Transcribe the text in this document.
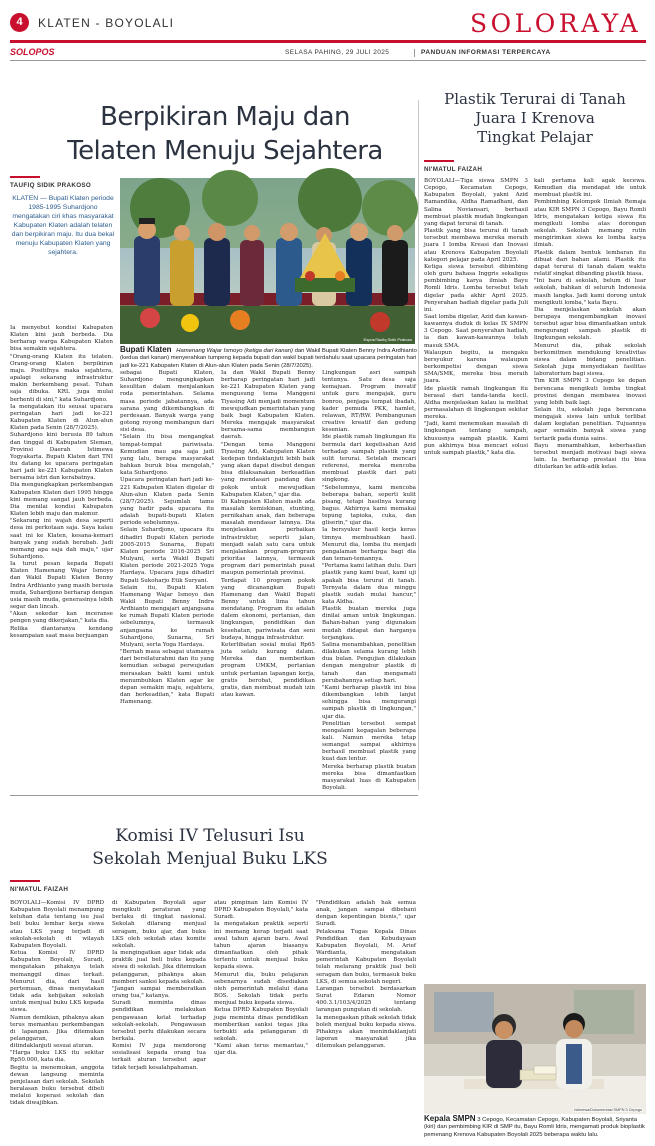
4	KLATEN - BOYOLALI	SOLORAYA
SOLOPOS	SELASA PAHING, 29 JULI 2025	PANDUAN INFORMASI TERPERCAYA
Berpikiran Maju dan
Telaten Menuju Sejahtera
TAUFIQ SIDIK PRAKOSO
KLATEN — Bupati Klaten periode 1985-1995 Suhardjono mengatakan ciri khas masyarakat Kabupaten Klaten adalah telaten dan berpikiran maju. Itu dua bekal menuju Kabupaten Klaten yang sejahtera.
Espos/Taufiq Sidik Prakoso
Bupati Klaten Hamenang Wajar Ismoyo (ketiga dari kanan) dan Wakil Bupati Klaten Benny Indra Ardhianto (kedua dari kanan) menyerahkan tumpeng kepada bupati dan wakil bupati terdahulu saat upacara peringatan hari jadi ke-221 Kabupaten Klaten di Alun-alun Klaten pada Senin (28/7/2025).
Ia menyebut kondisi Kabupaten Klaten kini jauh berbeda. Dia berharap warga Kabupaten Klaten bisa semakin sejahtera.
"Orang-orang Klaten itu telaten. Orang-orang Klaten berpikiran maju. Positifnya maka sejahtera, apalagi sekarang infrastruktur makin berkembang pesat. Tuhan saja dibuka. KRL juga mulai berhenti di sini," kata Suhardjono.
Ia mengatakan itu seusai upacara peringatan hari jadi ke-221 Kabupaten Klaten di Alun-alun Klaten pada Senin (28/7/2025).
Suhardjono kini berusia 89 tahun dan tinggal di Kabupaten Sleman, Provinsi Daerah Istimewa Yogyakarta. Bupati Klaten dari TNI itu datang ke upacara peringatan hari jadi ke-221 Kabupaten Klaten bersama istri dan kerabatnya.
Dia mengungkapkan perkembangan Kabupaten Klaten dari 1995 hingga kini memang sangat jauh berbeda. Dia menilai kondisi Kabupaten Klaten lebih maju dan makmur.
"Sekarang ini wajah desa seperti desa ini perkotaan saja. Saya kalau saat ini ke Klaten, kesana-kemari banyak yang sudah berubah. Jadi memang apa saja dah maju," ujar Suhardjono.
Ia turut pesan kepada Bupati Klaten Hamenang Wajar Ismoyo dan Wakil Bupati Klaten Benny Indra Ardhianto yang masih berusia muda, Suhardjono berharap dengan usia masih muda, generasinya lebih segar dan lincah.
"Akan sekedar kan inceranse pengen yang dikerjakan," kata dia.
Relika diantaranya kendang kesampaian saat masa berjuangan
sebagai Bupati Klaten, Suhardjono mengungkapkan kesulitan dalam menjalankan roda pemerintahan. Selama masa periode jabatannya, ada sarana yang dikembangkan di perdesaan. Banyak warga yang gotong royong membangun dari sisi desa.
"Selain itu bisa mengangkat tempat-tempat pariwisata. Kemudian mau apa saja jadi yang lalu, berapa masyarakat bahkan buruk bisa mengolah," kata Suhardjono.
Upacara peringatan hari jadi ke-221 Kabupaten Klaten digelar di Alun-alun Klaten pada Senin (28/7/2025). Sejumlah tamu yang hadir pada upacara itu adalah bupati-bupati Klaten periode sebelumnya.
Selain Suhardjono, upacara itu dihadiri Bupati Klaten periode 2005-2015 Sunarna, Bupati Klaten periode 2016-2025 Sri Mulyani, serta Wakil Bupati Klaten periode 2021-2025 Yoga Hardaya. Upacara juga dihadiri Bupati Sukoharjo Etik Suryani.
Selain itu, Bupati Klaten Hamenang Wajar Ismoyo dan Wakil Bupati Benny Indra Ardhianto mengajari anjangsana ke rumah Bupati Klaten periode sebelumnya, termasuk anjangsana ke rumah Suhardjono, Sunarna, Sri Mulyani, serta Yoga Hardaya.
"Bernah masa sebagai utamanya dari bersilaturahmi dan itu yang kemudian sebagai perwujudan merasakan bakti kami untuk menumbuhkan Klaten agar ke depan semakin maju, sejahtera, dan berkeadilan," kata Bupati Hamenang.
Ia dan Wakil Bupati Benny berharap peringatan hari jadi ke-221 Kabupaten Klaten yang mengusung tema Manggeni Tiyasing Adi menjadi momentum mewujudkan pemerintahan yang baik bagi Kabupaten Klaten. Mereka mengajak masyarakat bersama-sama membangun daerah.
"Dengan tema Manggeni Tiyasing Adi, Kabupaten Klaten kedepan tindaklanjuti lebih baik yang akan dapat disebut dengan bisa dilaksanakan berkeadilan yang mendasari pandang dan pokok untuk mewujudkan Kabupaten Klaten," ujar dia.
Di Kabupaten Klaten masih ada masalah kemiskinan, stunting, pernikahan anak, dan beberapa masalah mendasar lainnya. Dia menjelaskan perbaikan infrastruktur, seperti jalan, menjadi salah satu cara untuk menjalankan program-program prioritas lainnya, termasuk program dari pemerintah pusat maupun pemerintah provinsi.
Terdapat 10 program pokok yang dicanangkan Bupati Hamenang dan Wakil Bupati Benny untuk lima tahun mendatang. Program itu adalah dalem ekonomi, pertanian, dan lingkungan, pendidikan dan kesehatan, pariwisata dan seni budaya, hingga infrastruktur.
Keterlibatan sosial mulai Rp65 juta selalu kurang dalam. Mereka dan memberikan program UMKM, pertanian untuk pertanian lapangan kerja, gratis berobat, pendidikan gratis, dan membuat mudah izin atau kawan.
Plastik Terurai di Tanah
Juara I Krenova
Tingkat Pelajar
NI'MATUL FAIZAH
BOYOLALI—Tiga siswa SMPN 3 Cepogo, Kecamatan Cepogo, Kabupaten Boyolali, yakni Azid Ramandika, Aldha Ramadhani, dan Salina Noviansari, berhasil membuat plastik mudah lingkungan yang dapat terurai di tanah.
Plastik yang bisa terurai di tanah tersebut membawa mereka meraih juara I lomba Kreasi dan Inovasi atau Krenova Kabupaten Boyolali kategori pelajar pada April 2025.
Ketiga siswa tersebut dibimbing oleh guru bahasa Inggris sekaligus pembimbing karya ilmiah Bayu Romli Idris. Lomba tersebut telah digelar pada akhir April 2025. Penyerahan hadiah digelar pada Juli ini.
Saat lomba digelar, Azid dan kawan-kawannya duduk di kelas IX SMPN 3 Cepogo. Saat penyerahan hadiah, ia dan kawan-kawannya telah masuk SMA.
Walaupun begitu, ia mengaku bersyukur karena walaupun berkompetisi dengan siswa SMA/SMK, mereka bisa meraih juara.
Ide plastik ramah lingkungan itu berasal dari tanda-tanda kecil. Aldha menjelaskan kalau ia melihat permasalahan di lingkungan sekitar mereka.
"Jadi, kami menemukan masalah di lingkungan tentang sampah, khususnya sampah plastik. Kami pun akhirnya bisa mencari solusi untuk sampah plastik," kata dia.
Lingkungan asri sampah tentunya. Satu desa saja kemajuan. Program inovatif untuk guru mengajak, guru bonroo, penjaga tempat ibadah, kader pemuda PKK, hamlet, relawan, RT/RW. Pembangunan creative kreatif dan gedung kesenian.
Ide plastik ramah lingkungan itu bermula dari kegelisahan Azid terhadap sampah plastik yang sulit terurai. Setelah mencari referensi, mereka mencoba membuat plastik dari pati singkong.
"Sebelumnya, kami mencoba beberapa bahan, seperti kulit pisang, tetapi hasilnya kurang bagus. Akhirnya kami memakai tepung tapioka, cuka, dan gliserin," ujar dia.
Ia bersyukur hasil kerja keras timnya membuahkan hasil. Menurut dia, lomba itu menjadi pengalaman berharga bagi dia dan teman-temannya.
"Pertama kami latihan dulu. Dari plastik yang kami buat, kami uji apakah bisa terurai di tanah. Ternyata dalam dua minggu plastik sudah mulai hancur," kata Aldha.
Plastik buatan mereka juga dinilai aman untuk lingkungan. Bahan-bahan yang digunakan mudah didapat dan harganya terjangkau.
Salina menambahkan, penelitian dilakukan selama kurang lebih dua bulan. Pengujian dilakukan dengan mengubur plastik di tanah dan mengamati perubahannya setiap hari.
"Kami berharap plastik ini bisa dikembangkan lebih lanjut sehingga bisa mengurangi sampah plastik di lingkungan," ujar dia.
Penelitian tersebut sempat mengalami kegagalan beberapa kali. Namun mereka tetap semangat sampai akhirnya berhasil membuat plastik yang kuat dan lentur.
Mereka berharap plastik buatan mereka bisa dimanfaatkan masyarakat luas di Kabupaten Boyolali.
kali pertama kali agak kecewa. Kemudian dia mendapat ide untuk membuat plastik ini.
Pembimbing Kelompok Ilmiah Remaja atau KIR SMPN 3 Cepogo, Bayu Romli Idris, mengatakan ketiga siswa itu mengikuti lomba atas dorongan sekolah. Sekolah memang rutin mengirimkan siswa ke lomba karya ilmiah.
Plastik dalam bentuk lembaran itu dibuat dari bahan alami. Plastik itu dapat terurai di tanah dalam waktu relatif singkat dibanding plastik biasa.
"Ini baru di sekolah, belum di luar sekolah, bahkan di seluruh Indonesia masih langka. Jadi kami dorong untuk mengikuti lomba," kata Bayu.
Dia menjelaskan sekolah akan berupaya mengembangkan inovasi tersebut agar bisa dimanfaatkan untuk mengurangi sampah plastik di lingkungan sekolah.
Menurut dia, pihak sekolah berkomitmen mendukung kreativitas siswa dalam bidang penelitian. Sekolah juga menyediakan fasilitas laboratorium bagi siswa.
Tim KIR SMPN 3 Cepogo ke depan berencana mengikuti lomba tingkat provinsi dengan membawa inovasi yang lebih baik lagi.
Selain itu, sekolah juga berencana mengajak siswa lain untuk terlibat dalam kegiatan penelitian. Tujuannya agar semakin banyak siswa yang tertarik pada dunia sains.
Bayu menambahkan, keberhasilan tersebut menjadi motivasi bagi siswa lain. Ia berharap prestasi itu bisa ditularkan ke adik-adik kelas.
Komisi IV Telusuri Isu
Sekolah Menjual Buku LKS
NI'MATUL FAIZAH
BOYOLALI—Komisi IV DPRD Kabupaten Boyolali menampung keluhan data tentang isu jual beli buku lembar kerja siswa atau LKS yang terjadi di sekolah-sekolah di wilayah Kabupaten Boyolali.
Ketua Komisi IV DPRD Kabupaten Boyolali, Suradi, mengatakan pihaknya telah memanggil dinas terkait. Menurut dia, dari hasil pertemuan, dinas menyatakan tidak ada kebijakan sekolah untuk menjual buku LKS kepada siswa.
Namun demikian, pihaknya akan terus memantau perkembangan di lapangan. Jika ditemukan pelanggaran, akan ditindaklanjuti sesuai aturan.
"Harga buku LKS itu sekitar Rp50.000, kata dia.
Begitu ia menemukan, anggota dewan langsung meminta penjelasan dari sekolah. Sekolah beralasan buku tersebut dibeli melalui koperasi sekolah dan tidak diwajibkan.
di Kabupaten Boyolali agar mengikuti peraturan yang berlaku di tingkat nasional. Sekolah dilarang menjual seragam, buku ajar, dan buku LKS oleh sekolah atau komite sekolah.
Ia mengingatkan agar tidak ada praktik jual beli buku kepada siswa di sekolah. Jika ditemukan pelanggaran, pihaknya akan memberi sanksi kepada sekolah.
"Jangan sampai memberatkan orang tua," katanya.
Suradi meminta dinas pendidikan melakukan pengawasan ketat terhadap sekolah-sekolah. Pengawasan tersebut perlu dilakukan secara berkala.
Komisi IV juga mendorong sosialisasi kepada orang tua terkait aturan tersebut agar tidak terjadi kesalahpahaman.
atau pimpinan lain Komisi IV DPRD Kabupaten Boyolali," kata Suradi.
Ia mengatakan praktik seperti ini memang kerap terjadi saat awal tahun ajaran baru. Awal tahun ajaran biasanya dimanfaatkan oleh pihak tertentu untuk menjual buku kepada siswa.
Menurut dia, buku pelajaran sebenarnya sudah disediakan oleh pemerintah melalui dana BOS. Sekolah tidak perlu menjual buku kepada siswa.
Ketua DPRD Kabupaten Boyolali juga meminta dinas pendidikan memberikan sanksi tegas jika terbukti ada pelanggaran di sekolah.
"Kami akan terus memantau," ujar dia.
"Pendidikan adalah hak semua anak, jangan sampai dibebani dengan kepentingan bisnis," ujar Suradi.
Pelaksana Tugas Kepala Dinas Pendidikan dan Kebudayaan Kabupaten Boyolali, M. Arief Wardianta, mengatakan pemerintah Kabupaten Boyolali telah melarang praktik jual beli seragam dan buku, termasuk buku LKS, di semua sekolah negeri.
Larangan tersebut berdasarkan Surat Edaran Nomor 400.3.1/103/4/2025 tentang larangan pungutan di sekolah.
Ia menegaskan pihak sekolah tidak boleh menjual buku kepada siswa. Pihaknya akan menindaklanjuti laporan masyarakat jika ditemukan pelanggaran.
Istimewa/Dokumentasi SMPN 3 Cepogo
Kepala SMPN 3 Cepogo, Kecamatan Cepogo, Kabupaten Boyolali, Sriyanta (kiri) dan pembimbing KIR di SMP itu, Bayu Romli Idris, mengamati produk bioplastik pemenang Krenova Kabupaten Boyolali 2025 beberapa waktu lalu.
